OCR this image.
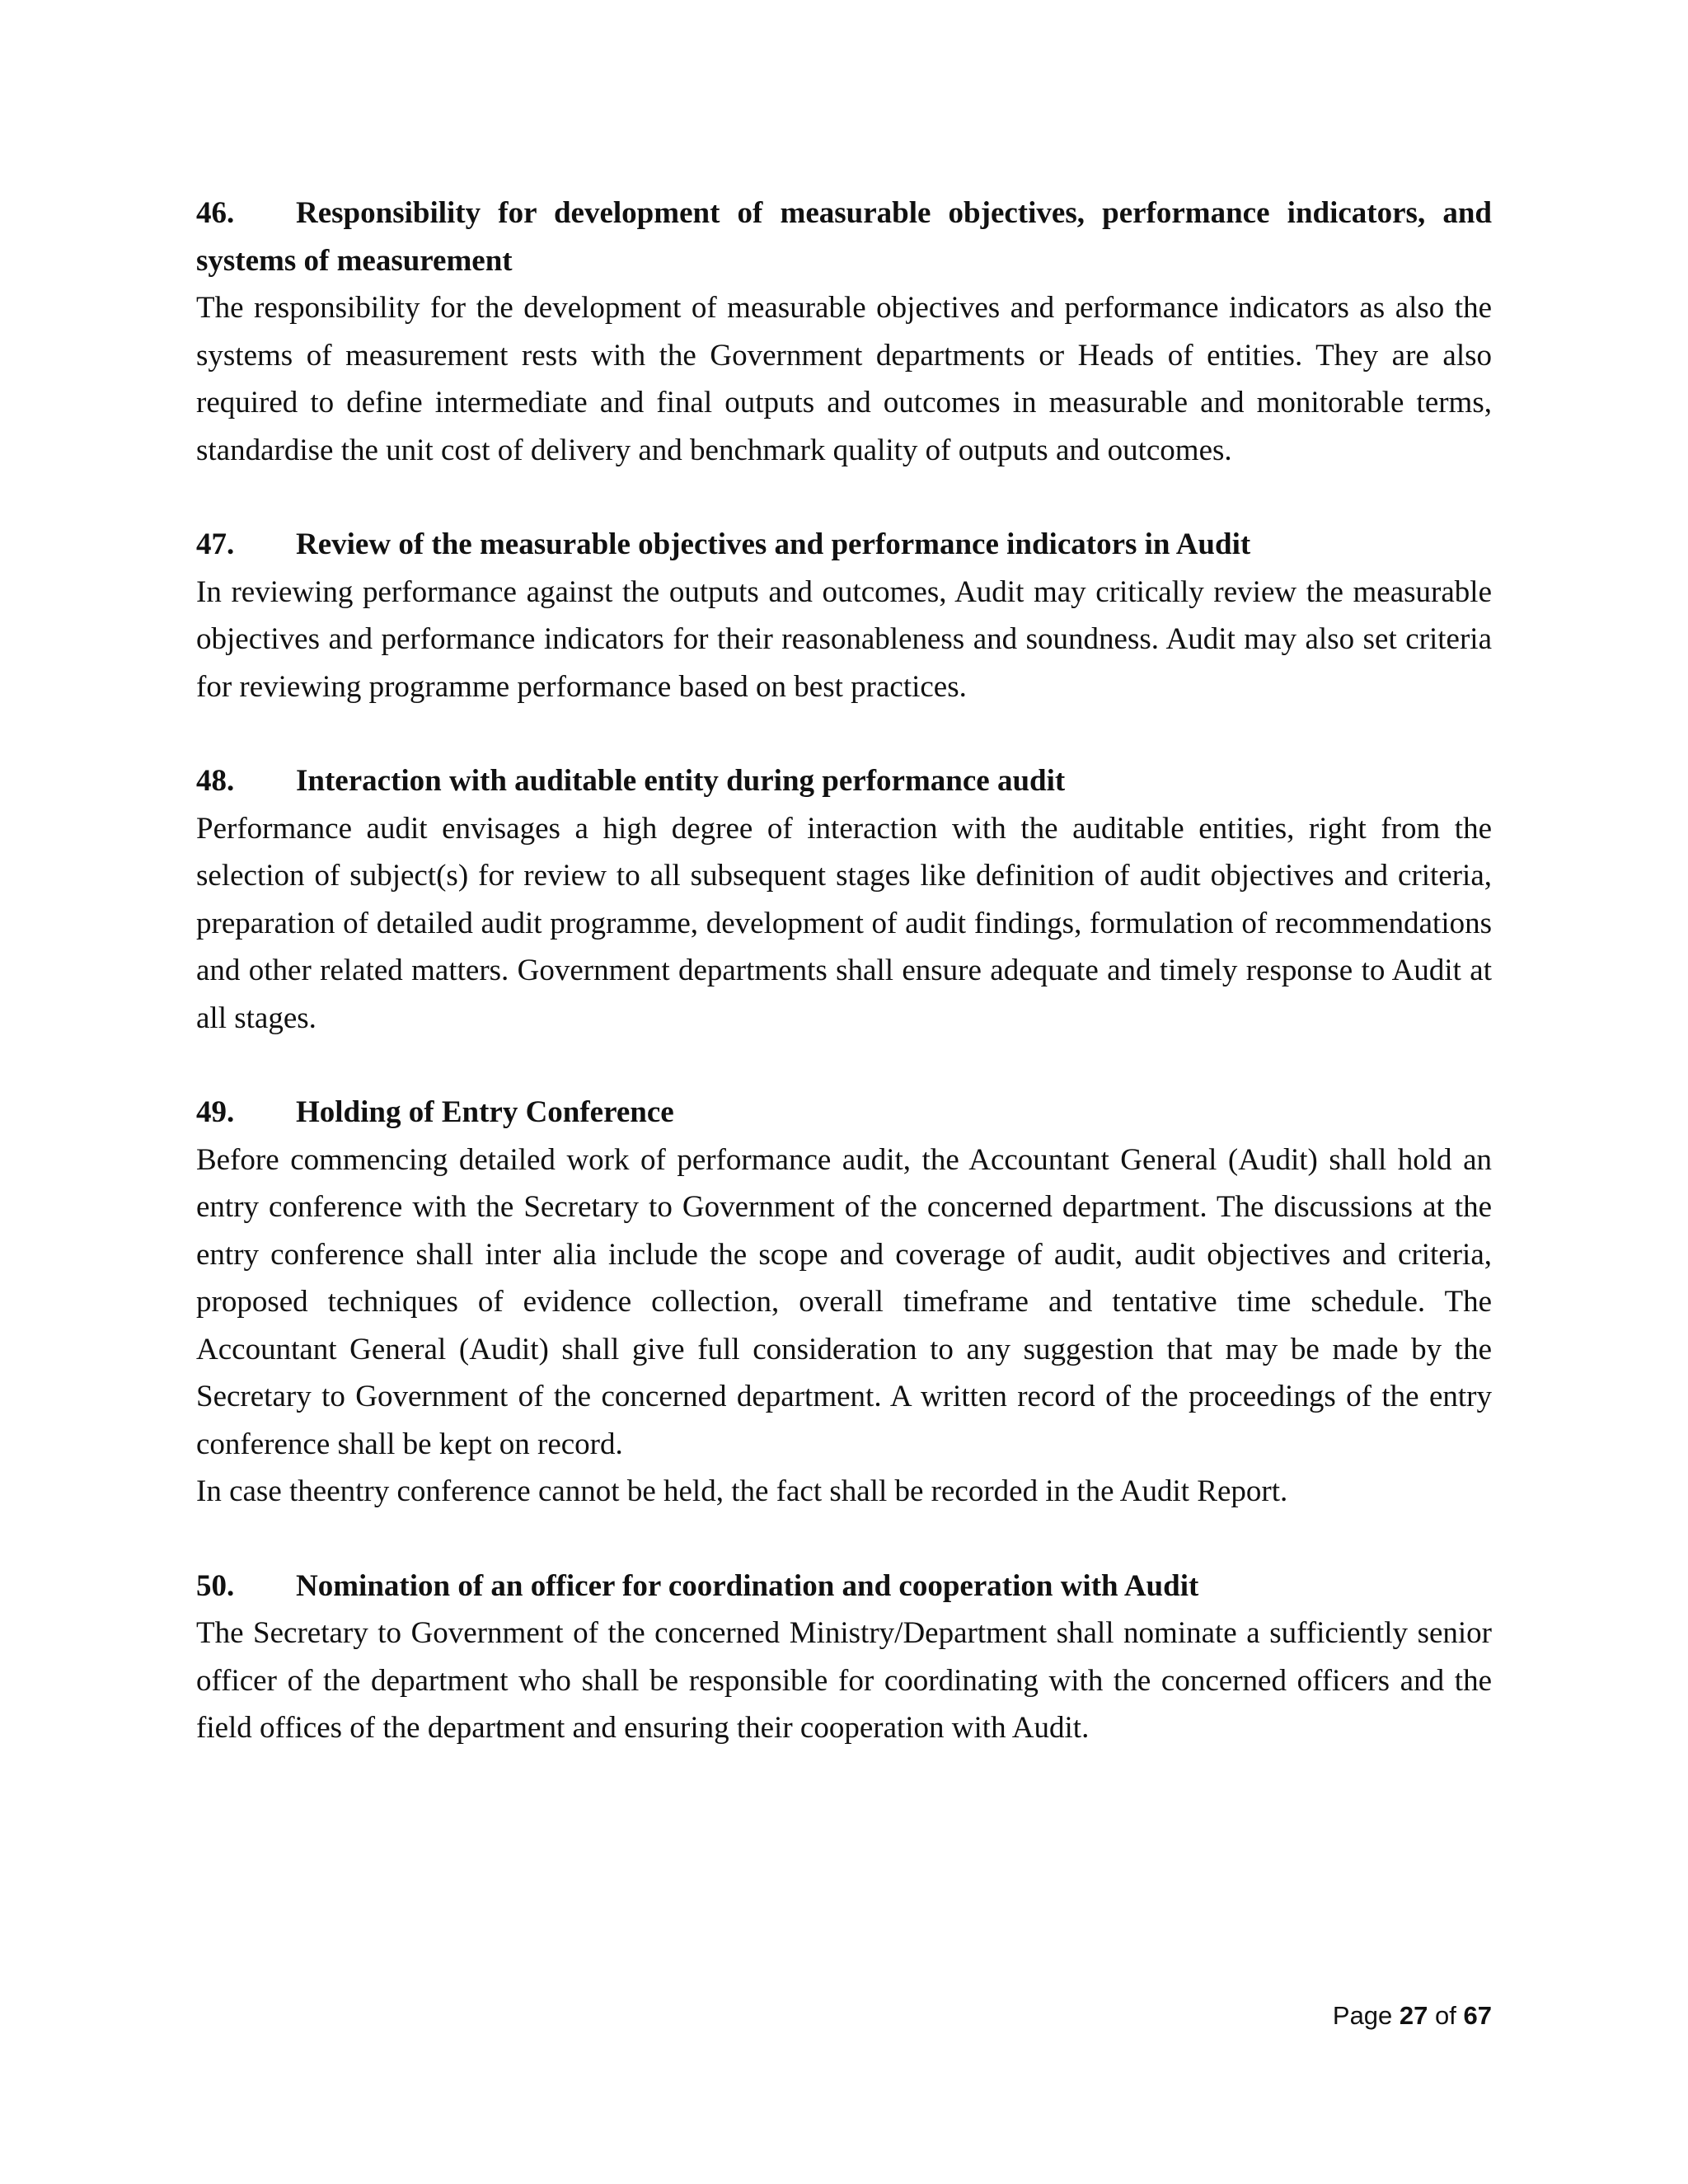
46. Responsibility for development of measurable objectives, performance indicators, and systems of measurement

The responsibility for the development of measurable objectives and performance indicators as also the systems of measurement rests with the Government departments or Heads of entities. They are also required to define intermediate and final outputs and outcomes in measurable and monitorable terms, standardise the unit cost of delivery and benchmark quality of outputs and outcomes.

47. Review of the measurable objectives and performance indicators in Audit

In reviewing performance against the outputs and outcomes, Audit may critically review the measurable objectives and performance indicators for their reasonableness and soundness. Audit may also set criteria for reviewing programme performance based on best practices.

48. Interaction with auditable entity during performance audit

Performance audit envisages a high degree of interaction with the auditable entities, right from the selection of subject(s) for review to all subsequent stages like definition of audit objectives and criteria, preparation of detailed audit programme, development of audit findings, formulation of recommendations and other related matters. Government departments shall ensure adequate and timely response to Audit at all stages.

49. Holding of Entry Conference

Before commencing detailed work of performance audit, the Accountant General (Audit) shall hold an entry conference with the Secretary to Government of the concerned department. The discussions at the entry conference shall inter alia include the scope and coverage of audit, audit objectives and criteria, proposed techniques of evidence collection, overall timeframe and tentative time schedule. The Accountant General (Audit) shall give full consideration to any suggestion that may be made by the Secretary to Government of the concerned department. A written record of the proceedings of the entry conference shall be kept on record.

In case theentry conference cannot be held, the fact shall be recorded in the Audit Report.

50. Nomination of an officer for coordination and cooperation with Audit

The Secretary to Government of the concerned Ministry/Department shall nominate a sufficiently senior officer of the department who shall be responsible for coordinating with the concerned officers and the field offices of the department and ensuring their cooperation with Audit.

Page 27 of 67
